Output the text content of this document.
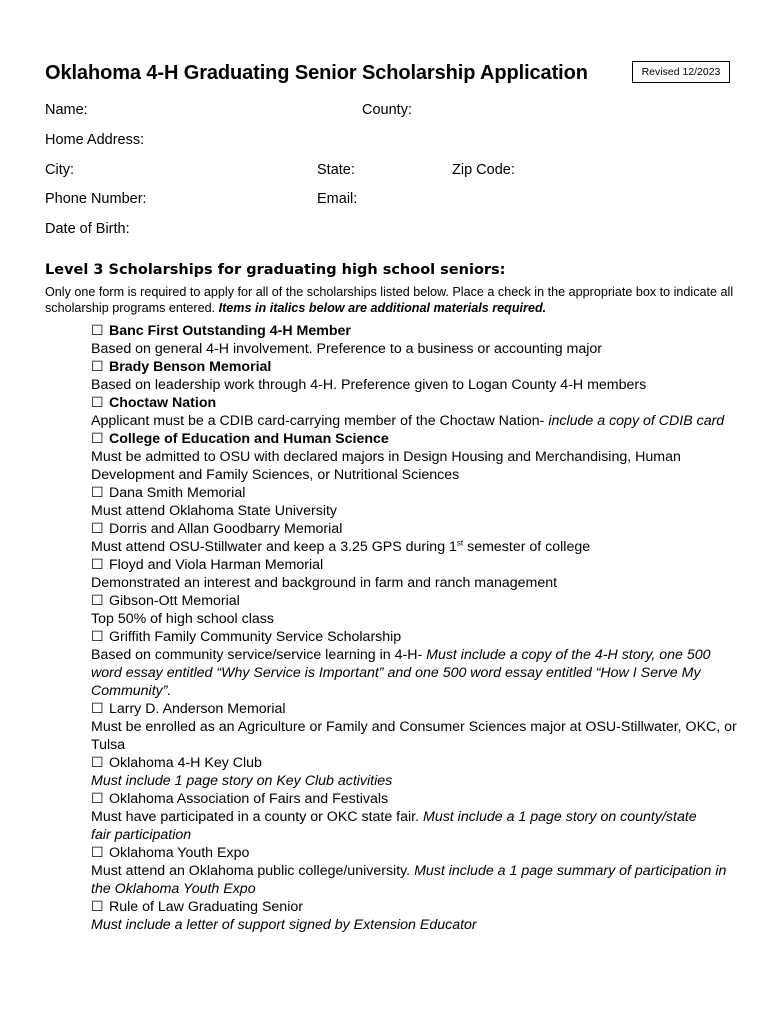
Oklahoma 4-H Graduating Senior Scholarship Application	Revised 12/2023
Name:	County:
Home Address:
City:	State:	Zip Code:
Phone Number:	Email:
Date of Birth:
Level 3 Scholarships for graduating high school seniors:
Only one form is required to apply for all of the scholarships listed below. Place a check in the appropriate box to indicate all scholarship programs entered. Items in italics below are additional materials required.
☐ Banc First Outstanding 4-H Member
Based on general 4-H involvement. Preference to a business or accounting major
☐ Brady Benson Memorial
Based on leadership work through 4-H. Preference given to Logan County 4-H members
☐ Choctaw Nation
Applicant must be a CDIB card-carrying member of the Choctaw Nation- include a copy of CDIB card
☐ College of Education and Human Science
Must be admitted to OSU with declared majors in Design Housing and Merchandising, Human Development and Family Sciences, or Nutritional Sciences
☐ Dana Smith Memorial
Must attend Oklahoma State University
☐ Dorris and Allan Goodbarry Memorial
Must attend OSU-Stillwater and keep a 3.25 GPS during 1st semester of college
☐ Floyd and Viola Harman Memorial
Demonstrated an interest and background in farm and ranch management
☐ Gibson-Ott Memorial
Top 50% of high school class
☐ Griffith Family Community Service Scholarship
Based on community service/service learning in 4-H- Must include a copy of the 4-H story, one 500 word essay entitled “Why Service is Important” and one 500 word essay entitled “How I Serve My Community”.
☐ Larry D. Anderson Memorial
Must be enrolled as an Agriculture or Family and Consumer Sciences major at OSU-Stillwater, OKC, or Tulsa
☐ Oklahoma 4-H Key Club
Must include 1 page story on Key Club activities
☐ Oklahoma Association of Fairs and Festivals
Must have participated in a county or OKC state fair. Must include a 1 page story on county/state
fair participation
☐ Oklahoma Youth Expo
Must attend an Oklahoma public college/university. Must include a 1 page summary of participation in the Oklahoma Youth Expo
☐ Rule of Law Graduating Senior
Must include a letter of support signed by Extension Educator
